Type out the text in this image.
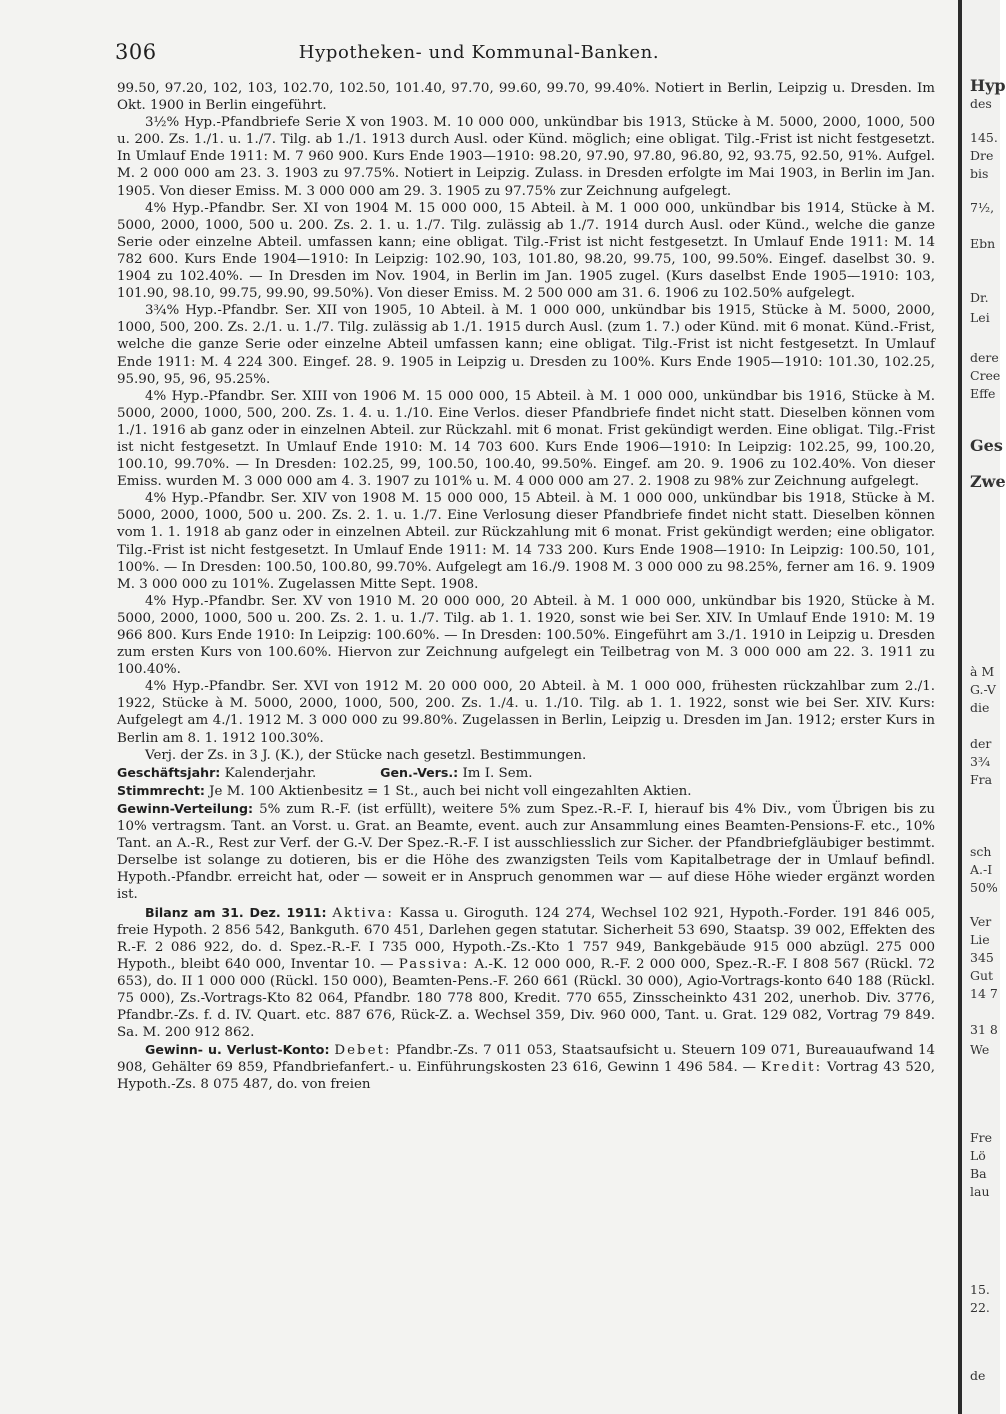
306	Hypotheken- und Kommunal-Banken.

99.50, 97.20, 102, 103, 102.70, 102.50, 101.40, 97.70, 99.60, 99.70, 99.40%. Notiert in Berlin, Leipzig u. Dresden. Im Okt. 1900 in Berlin eingeführt.

3½% Hyp.-Pfandbriefe Serie X von 1903. M. 10 000 000, unkündbar bis 1913, Stücke à M. 5000, 2000, 1000, 500 u. 200. Zs. 1./1. u. 1./7. Tilg. ab 1./1. 1913 durch Ausl. oder Künd. möglich; eine obligat. Tilg.-Frist ist nicht festgesetzt. In Umlauf Ende 1911: M. 7 960 900. Kurs Ende 1903—1910: 98.20, 97.90, 97.80, 96.80, 92, 93.75, 92.50, 91%. Aufgel. M. 2 000 000 am 23. 3. 1903 zu 97.75%. Notiert in Leipzig. Zulass. in Dresden erfolgte im Mai 1903, in Berlin im Jan. 1905. Von dieser Emiss. M. 3 000 000 am 29. 3. 1905 zu 97.75% zur Zeichnung aufgelegt.

4% Hyp.-Pfandbr. Ser. XI von 1904 M. 15 000 000, 15 Abteil. à M. 1 000 000, unkündbar bis 1914, Stücke à M. 5000, 2000, 1000, 500 u. 200. Zs. 2. 1. u. 1./7. Tilg. zulässig ab 1./7. 1914 durch Ausl. oder Künd., welche die ganze Serie oder einzelne Abteil. umfassen kann; eine obligat. Tilg.-Frist ist nicht festgesetzt. In Umlauf Ende 1911: M. 14 782 600. Kurs Ende 1904—1910: In Leipzig: 102.90, 103, 101.80, 98.20, 99.75, 100, 99.50%. Eingef. daselbst 30. 9. 1904 zu 102.40%. — In Dresden im Nov. 1904, in Berlin im Jan. 1905 zugel. (Kurs daselbst Ende 1905—1910: 103, 101.90, 98.10, 99.75, 99.90, 99.50%). Von dieser Emiss. M. 2 500 000 am 31. 6. 1906 zu 102.50% aufgelegt.

3¾% Hyp.-Pfandbr. Ser. XII von 1905, 10 Abteil. à M. 1 000 000, unkündbar bis 1915, Stücke à M. 5000, 2000, 1000, 500, 200. Zs. 2./1. u. 1./7. Tilg. zulässig ab 1./1. 1915 durch Ausl. (zum 1. 7.) oder Künd. mit 6 monat. Künd.-Frist, welche die ganze Serie oder einzelne Abteil umfassen kann; eine obligat. Tilg.-Frist ist nicht festgesetzt. In Umlauf Ende 1911: M. 4 224 300. Eingef. 28. 9. 1905 in Leipzig u. Dresden zu 100%. Kurs Ende 1905—1910: 101.30, 102.25, 95.90, 95, 96, 95.25%.

4% Hyp.-Pfandbr. Ser. XIII von 1906 M. 15 000 000, 15 Abteil. à M. 1 000 000, unkündbar bis 1916, Stücke à M. 5000, 2000, 1000, 500, 200. Zs. 1. 4. u. 1./10. Eine Verlos. dieser Pfandbriefe findet nicht statt. Dieselben können vom 1./1. 1916 ab ganz oder in einzelnen Abteil. zur Rückzahl. mit 6 monat. Frist gekündigt werden. Eine obligat. Tilg.-Frist ist nicht festgesetzt. In Umlauf Ende 1910: M. 14 703 600. Kurs Ende 1906—1910: In Leipzig: 102.25, 99, 100.20, 100.10, 99.70%. — In Dresden: 102.25, 99, 100.50, 100.40, 99.50%. Eingef. am 20. 9. 1906 zu 102.40%. Von dieser Emiss. wurden M. 3 000 000 am 4. 3. 1907 zu 101% u. M. 4 000 000 am 27. 2. 1908 zu 98% zur Zeichnung aufgelegt.

4% Hyp.-Pfandbr. Ser. XIV von 1908 M. 15 000 000, 15 Abteil. à M. 1 000 000, unkündbar bis 1918, Stücke à M. 5000, 2000, 1000, 500 u. 200. Zs. 2. 1. u. 1./7. Eine Verlosung dieser Pfandbriefe findet nicht statt. Dieselben können vom 1. 1. 1918 ab ganz oder in einzelnen Abteil. zur Rückzahlung mit 6 monat. Frist gekündigt werden; eine obligator. Tilg.-Frist ist nicht festgesetzt. In Umlauf Ende 1911: M. 14 733 200. Kurs Ende 1908—1910: In Leipzig: 100.50, 101, 100%. — In Dresden: 100.50, 100.80, 99.70%. Aufgelegt am 16./9. 1908 M. 3 000 000 zu 98.25%, ferner am 16. 9. 1909 M. 3 000 000 zu 101%. Zugelassen Mitte Sept. 1908.

4% Hyp.-Pfandbr. Ser. XV von 1910 M. 20 000 000, 20 Abteil. à M. 1 000 000, unkündbar bis 1920, Stücke à M. 5000, 2000, 1000, 500 u. 200. Zs. 2. 1. u. 1./7. Tilg. ab 1. 1. 1920, sonst wie bei Ser. XIV. In Umlauf Ende 1910: M. 19 966 800. Kurs Ende 1910: In Leipzig: 100.60%. — In Dresden: 100.50%. Eingeführt am 3./1. 1910 in Leipzig u. Dresden zum ersten Kurs von 100.60%. Hiervon zur Zeichnung aufgelegt ein Teilbetrag von M. 3 000 000 am 22. 3. 1911 zu 100.40%.

4% Hyp.-Pfandbr. Ser. XVI von 1912 M. 20 000 000, 20 Abteil. à M. 1 000 000, frühesten rückzahlbar zum 2./1. 1922, Stücke à M. 5000, 2000, 1000, 500, 200. Zs. 1./4. u. 1./10. Tilg. ab 1. 1. 1922, sonst wie bei Ser. XIV. Kurs: Aufgelegt am 4./1. 1912 M. 3 000 000 zu 99.80%. Zugelassen in Berlin, Leipzig u. Dresden im Jan. 1912; erster Kurs in Berlin am 8. 1. 1912 100.30%.

Verj. der Zs. in 3 J. (K.), der Stücke nach gesetzl. Bestimmungen.

Geschäftsjahr: Kalenderjahr.	Gen.-Vers.: Im I. Sem.

Stimmrecht: Je M. 100 Aktienbesitz = 1 St., auch bei nicht voll eingezahlten Aktien.

Gewinn-Verteilung: 5% zum R.-F. (ist erfüllt), weitere 5% zum Spez.-R.-F. I, hierauf bis 4% Div., vom Übrigen bis zu 10% vertragsm. Tant. an Vorst. u. Grat. an Beamte, event. auch zur Ansammlung eines Beamten-Pensions-F. etc., 10% Tant. an A.-R., Rest zur Verf. der G.-V. Der Spez.-R.-F. I ist ausschliesslich zur Sicher. der Pfandbriefgläubiger bestimmt. Derselbe ist solange zu dotieren, bis er die Höhe des zwanzigsten Teils vom Kapitalbetrage der in Umlauf befindl. Hypoth.-Pfandbr. erreicht hat, oder — soweit er in Anspruch genommen war — auf diese Höhe wieder ergänzt worden ist.

Bilanz am 31. Dez. 1911: Aktiva: Kassa u. Giroguth. 124 274, Wechsel 102 921, Hypoth.-Forder. 191 846 005, freie Hypoth. 2 856 542, Bankguth. 670 451, Darlehen gegen statutar. Sicherheit 53 690, Staatsp. 39 002, Effekten des R.-F. 2 086 922, do. d. Spez.-R.-F. I 735 000, Hypoth.-Zs.-Kto 1 757 949, Bankgebäude 915 000 abzügl. 275 000 Hypoth., bleibt 640 000, Inventar 10. — Passiva: A.-K. 12 000 000, R.-F. 2 000 000, Spez.-R.-F. I 808 567 (Rückl. 72 653), do. II 1 000 000 (Rückl. 150 000), Beamten-Pens.-F. 260 661 (Rückl. 30 000), Agio-Vortrags-konto 640 188 (Rückl. 75 000), Zs.-Vortrags-Kto 82 064, Pfandbr. 180 778 800, Kredit. 770 655, Zinsscheinkto 431 202, unerhob. Div. 3776, Pfandbr.-Zs. f. d. IV. Quart. etc. 887 676, Rück-Z. a. Wechsel 359, Div. 960 000, Tant. u. Grat. 129 082, Vortrag 79 849. Sa. M. 200 912 862.

Gewinn- u. Verlust-Konto: Debet: Pfandbr.-Zs. 7 011 053, Staatsaufsicht u. Steuern 109 071, Bureauaufwand 14 908, Gehälter 69 859, Pfandbriefanfert.- u. Einführungskosten 23 616, Gewinn 1 496 584. — Kredit: Vortrag 43 520, Hypoth.-Zs. 8 075 487, do. von freien

Hyp
des
145.
Dre
bis
7½,
Ebn
Dr.
Lei
dere
Cree
Effe
Ges
Zwe
à M
G.-V
die
der
3¾
Fra
sch
A.-I
50%
Ver
Lie
345
Gut
14 7
31 8
We
Fre
Lö
Ba
lau
15.
22.
de
